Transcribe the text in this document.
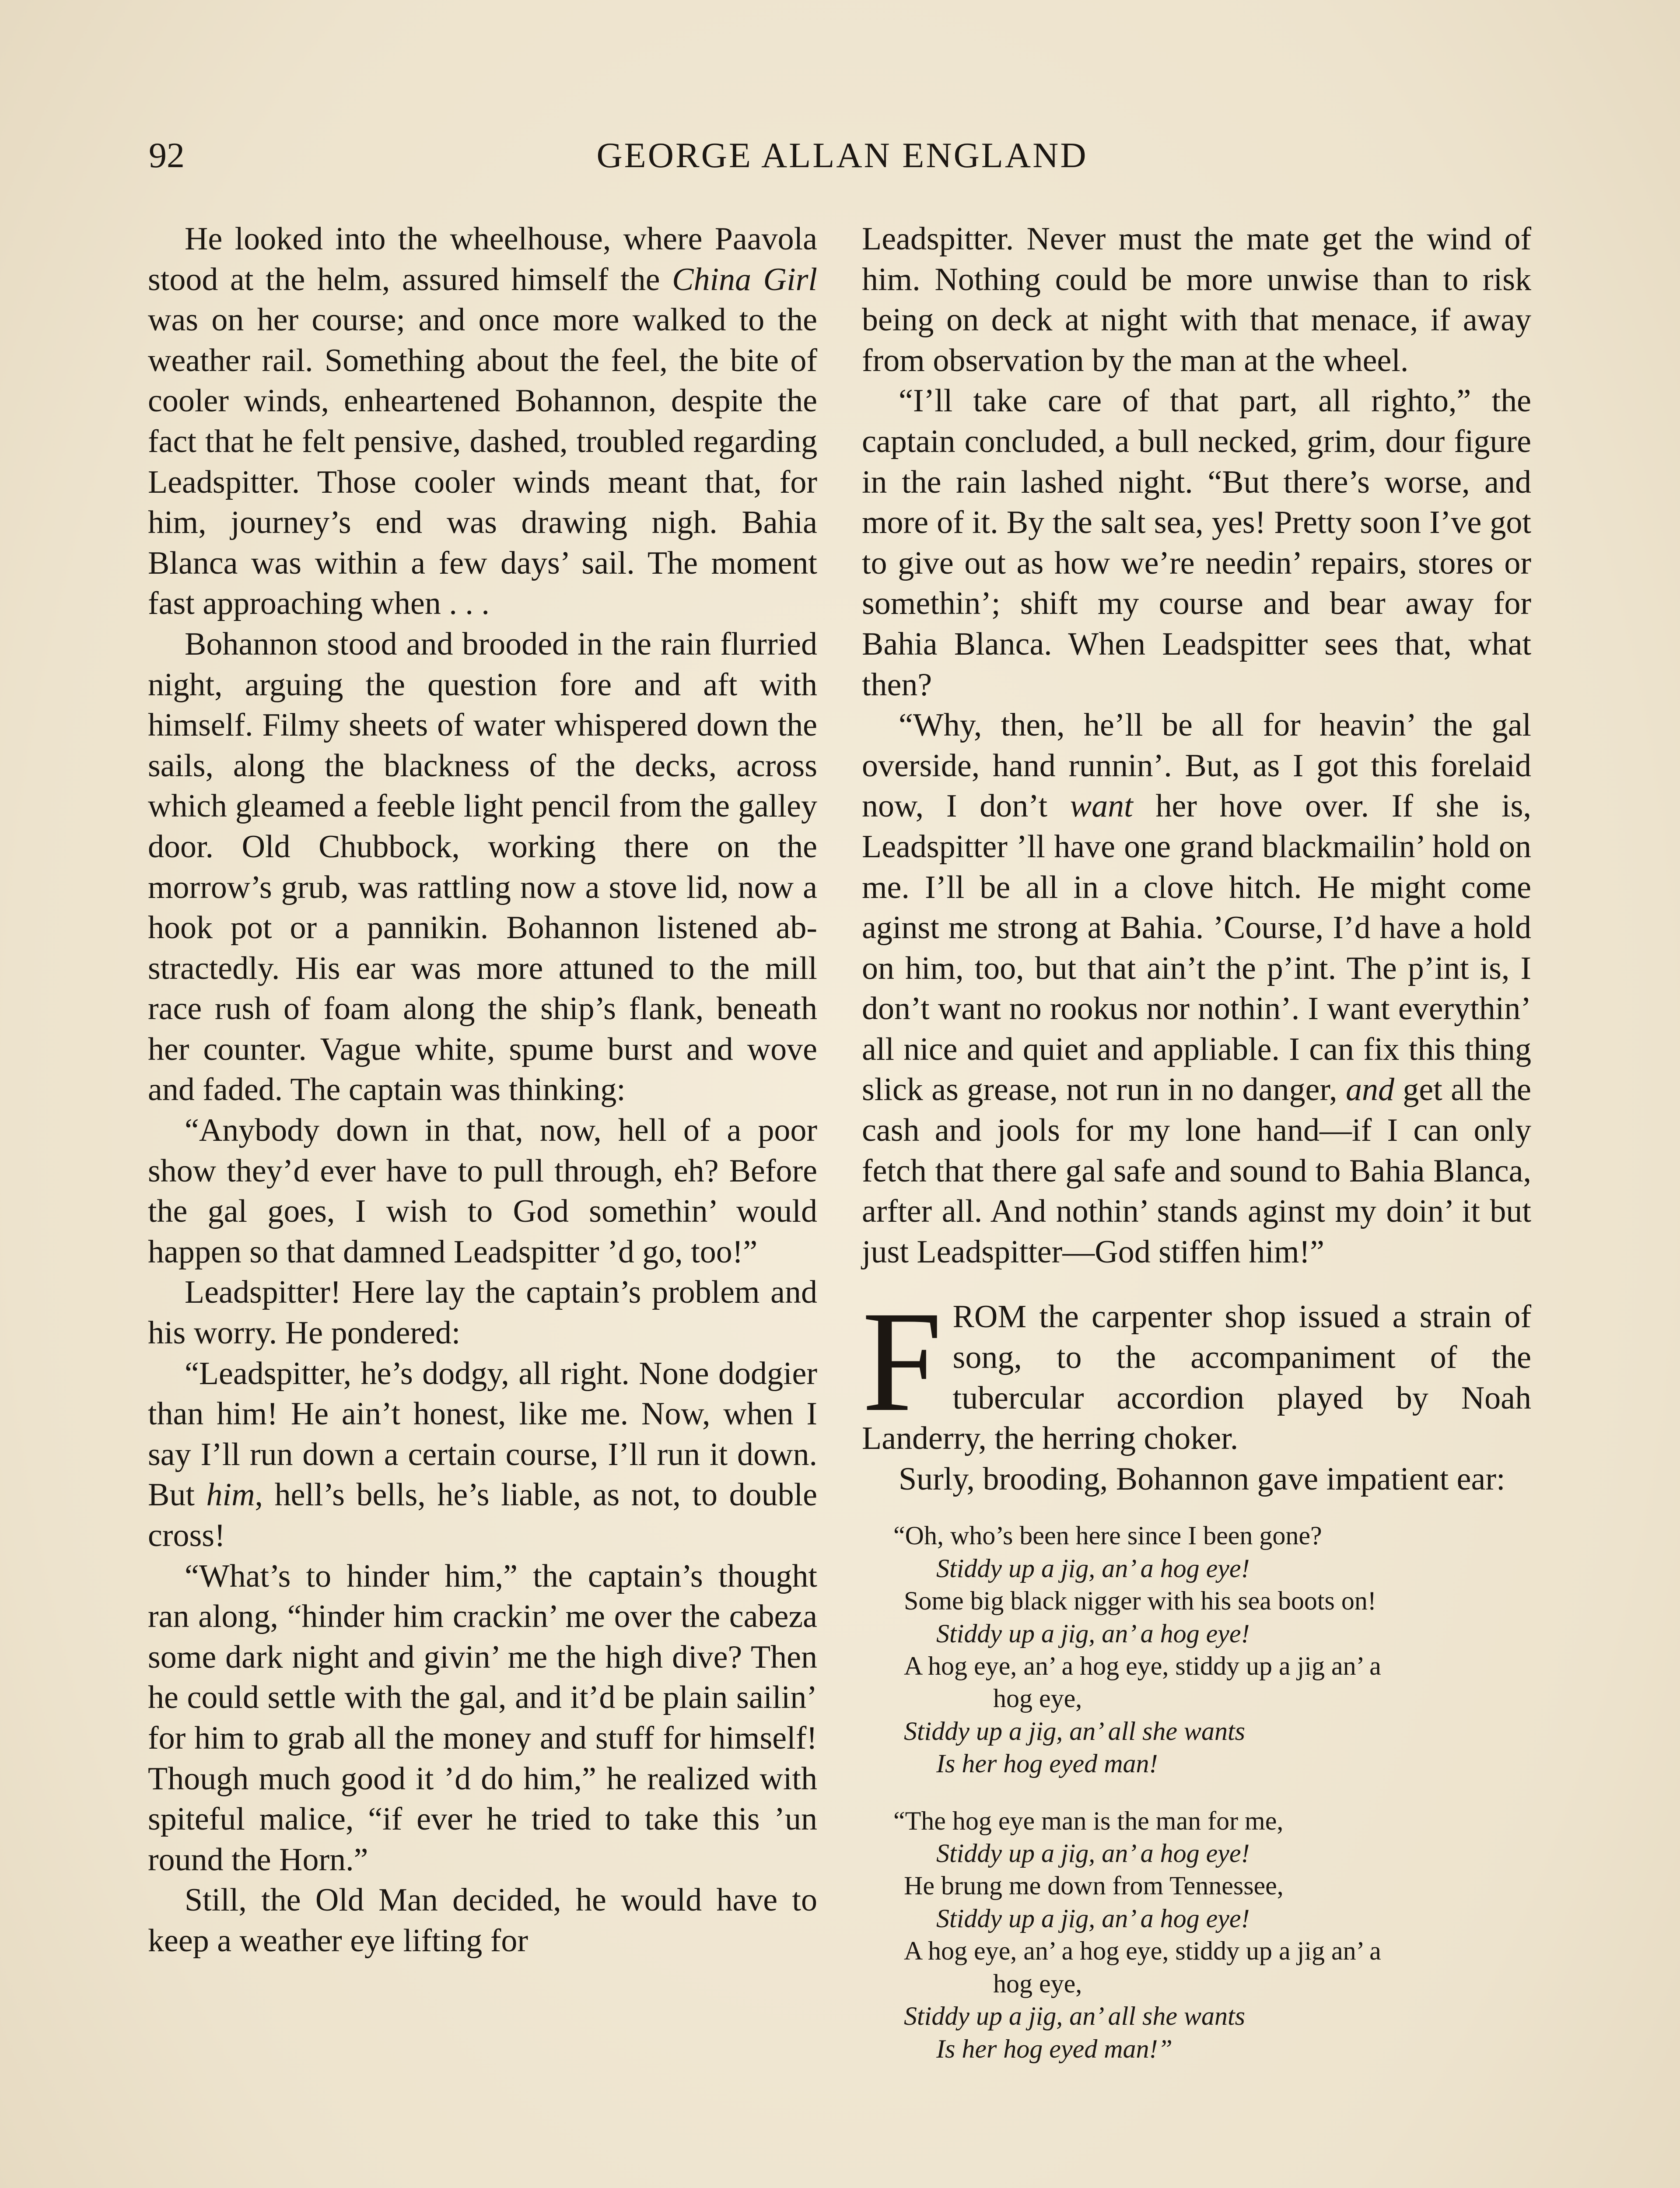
92	GEORGE ALLAN ENGLAND

He looked into the wheelhouse, where Paavola stood at the helm, assured himself the China Girl was on her course; and once more walked to the weather rail. Something about the feel, the bite of cooler winds, enheartened Bohannon, despite the fact that he felt pensive, dashed, troubled regarding Leadspitter. Those cooler winds meant that, for him, journey’s end was drawing nigh. Bahia Blanca was within a few days’ sail. The moment fast approaching when . . .

Bohannon stood and brooded in the rain flurried night, arguing the question fore and aft with himself. Filmy sheets of water whispered down the sails, along the blackness of the decks, across which gleamed a feeble light pencil from the galley door. Old Chubbock, working there on the morrow’s grub, was rattling now a stove lid, now a hook pot or a pannikin. Bohannon listened abstractedly. His ear was more attuned to the mill race rush of foam along the ship’s flank, beneath her counter. Vague white, spume burst and wove and faded. The captain was thinking:

“Anybody down in that, now, hell of a poor show they’d ever have to pull through, eh? Before the gal goes, I wish to God somethin’ would happen so that damned Leadspitter ’d go, too!”

Leadspitter! Here lay the captain’s problem and his worry. He pondered:

“Leadspitter, he’s dodgy, all right. None dodgier than him! He ain’t honest, like me. Now, when I say I’ll run down a certain course, I’ll run it down. But him, hell’s bells, he’s liable, as not, to double cross!

“What’s to hinder him,” the captain’s thought ran along, “hinder him crackin’ me over the cabeza some dark night and givin’ me the high dive? Then he could settle with the gal, and it’d be plain sailin’ for him to grab all the money and stuff for himself! Though much good it ’d do him,” he realized with spiteful malice, “if ever he tried to take this ’un round the Horn.”

Still, the Old Man decided, he would have to keep a weather eye lifting for

Leadspitter. Never must the mate get the wind of him. Nothing could be more unwise than to risk being on deck at night with that menace, if away from observation by the man at the wheel.

“I’ll take care of that part, all righto,” the captain concluded, a bull necked, grim, dour figure in the rain lashed night. “But there’s worse, and more of it. By the salt sea, yes! Pretty soon I’ve got to give out as how we’re needin’ repairs, stores or somethin’; shift my course and bear away for Bahia Blanca. When Leadspitter sees that, what then?

“Why, then, he’ll be all for heavin’ the gal overside, hand runnin’. But, as I got this forelaid now, I don’t want her hove over. If she is, Leadspitter ’ll have one grand blackmailin’ hold on me. I’ll be all in a clove hitch. He might come aginst me strong at Bahia. ’Course, I’d have a hold on him, too, but that ain’t the p’int. The p’int is, I don’t want no rookus nor nothin’. I want everythin’ all nice and quiet and appliable. I can fix this thing slick as grease, not run in no danger, and get all the cash and jools for my lone hand—if I can only fetch that there gal safe and sound to Bahia Blanca, arfter all. And nothin’ stands aginst my doin’ it but just Leadspitter—God stiffen him!”

FROM the carpenter shop issued a strain of song, to the accompaniment of the tubercular accordion played by Noah Landerry, the herring choker.

Surly, brooding, Bohannon gave impatient ear:

“Oh, who’s been here since I been gone?
Stiddy up a jig, an’ a hog eye!
Some big black nigger with his sea boots on!
Stiddy up a jig, an’ a hog eye!
A hog eye, an’ a hog eye, stiddy up a jig an’ a
hog eye,
Stiddy up a jig, an’ all she wants
Is her hog eyed man!
“The hog eye man is the man for me,
Stiddy up a jig, an’ a hog eye!
He brung me down from Tennessee,
Stiddy up a jig, an’ a hog eye!
A hog eye, an’ a hog eye, stiddy up a jig an’ a
hog eye,
Stiddy up a jig, an’ all she wants
Is her hog eyed man!”
